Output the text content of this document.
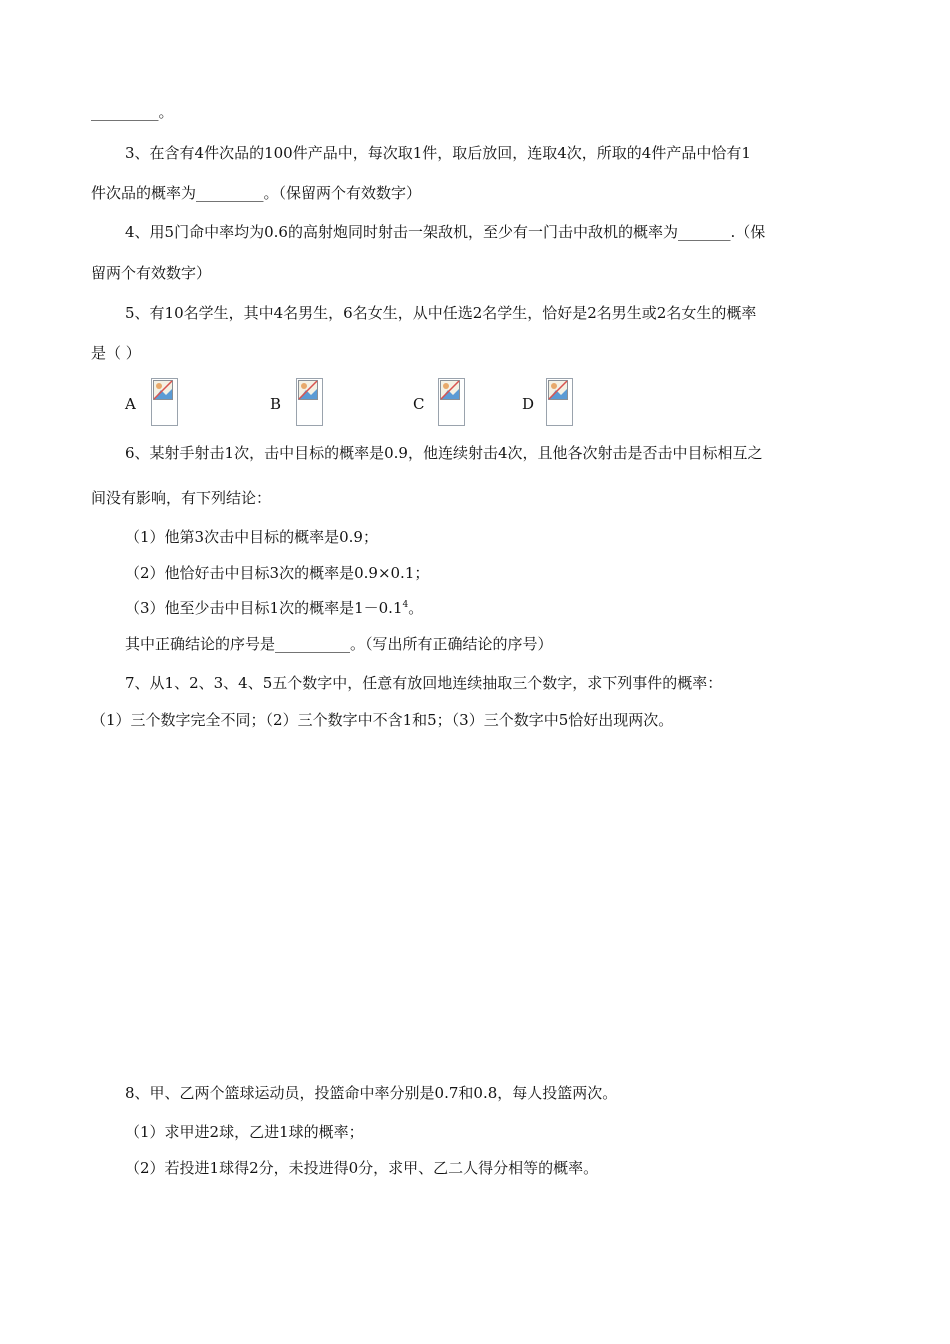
_________。
3、在含有4件次品的100件产品中，每次取1件，取后放回，连取4次，所取的4件产品中恰有1
件次品的概率为_________。（保留两个有效数字）
4、用5门命中率均为0.6的高射炮同时射击一架敌机，至少有一门击中敌机的概率为_______.（保
留两个有效数字）
5、有10名学生，其中4名男生，6名女生，从中任选2名学生，恰好是2名男生或2名女生的概率
是（ ）
A	B	C	D
6、某射手射击1次，击中目标的概率是0.9，他连续射击4次，且他各次射击是否击中目标相互之
间没有影响，有下列结论：
（1）他第3次击中目标的概率是0.9；
（2）他恰好击中目标3次的概率是0.9×0.1；
（3）他至少击中目标1次的概率是$1-0.1^4$。
其中正确结论的序号是__________。（写出所有正确结论的序号）
7、从1、2、3、4、5五个数字中，任意有放回地连续抽取三个数字，求下列事件的概率：
（1）三个数字完全不同；（2）三个数字中不含1和5；（3）三个数字中5恰好出现两次。
8、甲、乙两个篮球运动员，投篮命中率分别是0.7和0.8，每人投篮两次。
（1）求甲进2球，乙进1球的概率；
（2）若投进1球得2分，未投进得0分，求甲、乙二人得分相等的概率。
